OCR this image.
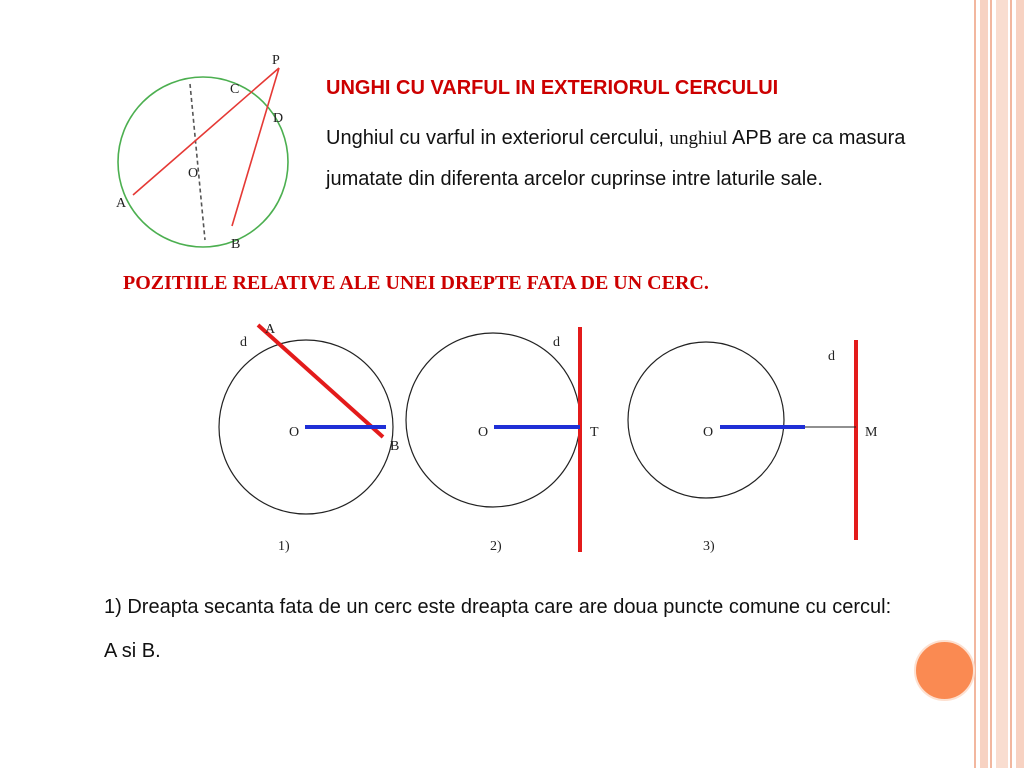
P
C
D
O
A
B
d
A
O
B
1)
d
O	T
2)
d
O	M
3)
UNGHI CU VARFUL IN EXTERIORUL CERCULUI

Unghiul cu varful in exteriorul cercului, unghiul APB are ca masura jumatate din diferenta arcelor cuprinse intre laturile sale.

POZITIILE RELATIVE ALE UNEI DREPTE FATA DE UN CERC.

1) Dreapta secanta fata de un cerc este dreapta care are doua puncte comune cu cercul: A si B.
